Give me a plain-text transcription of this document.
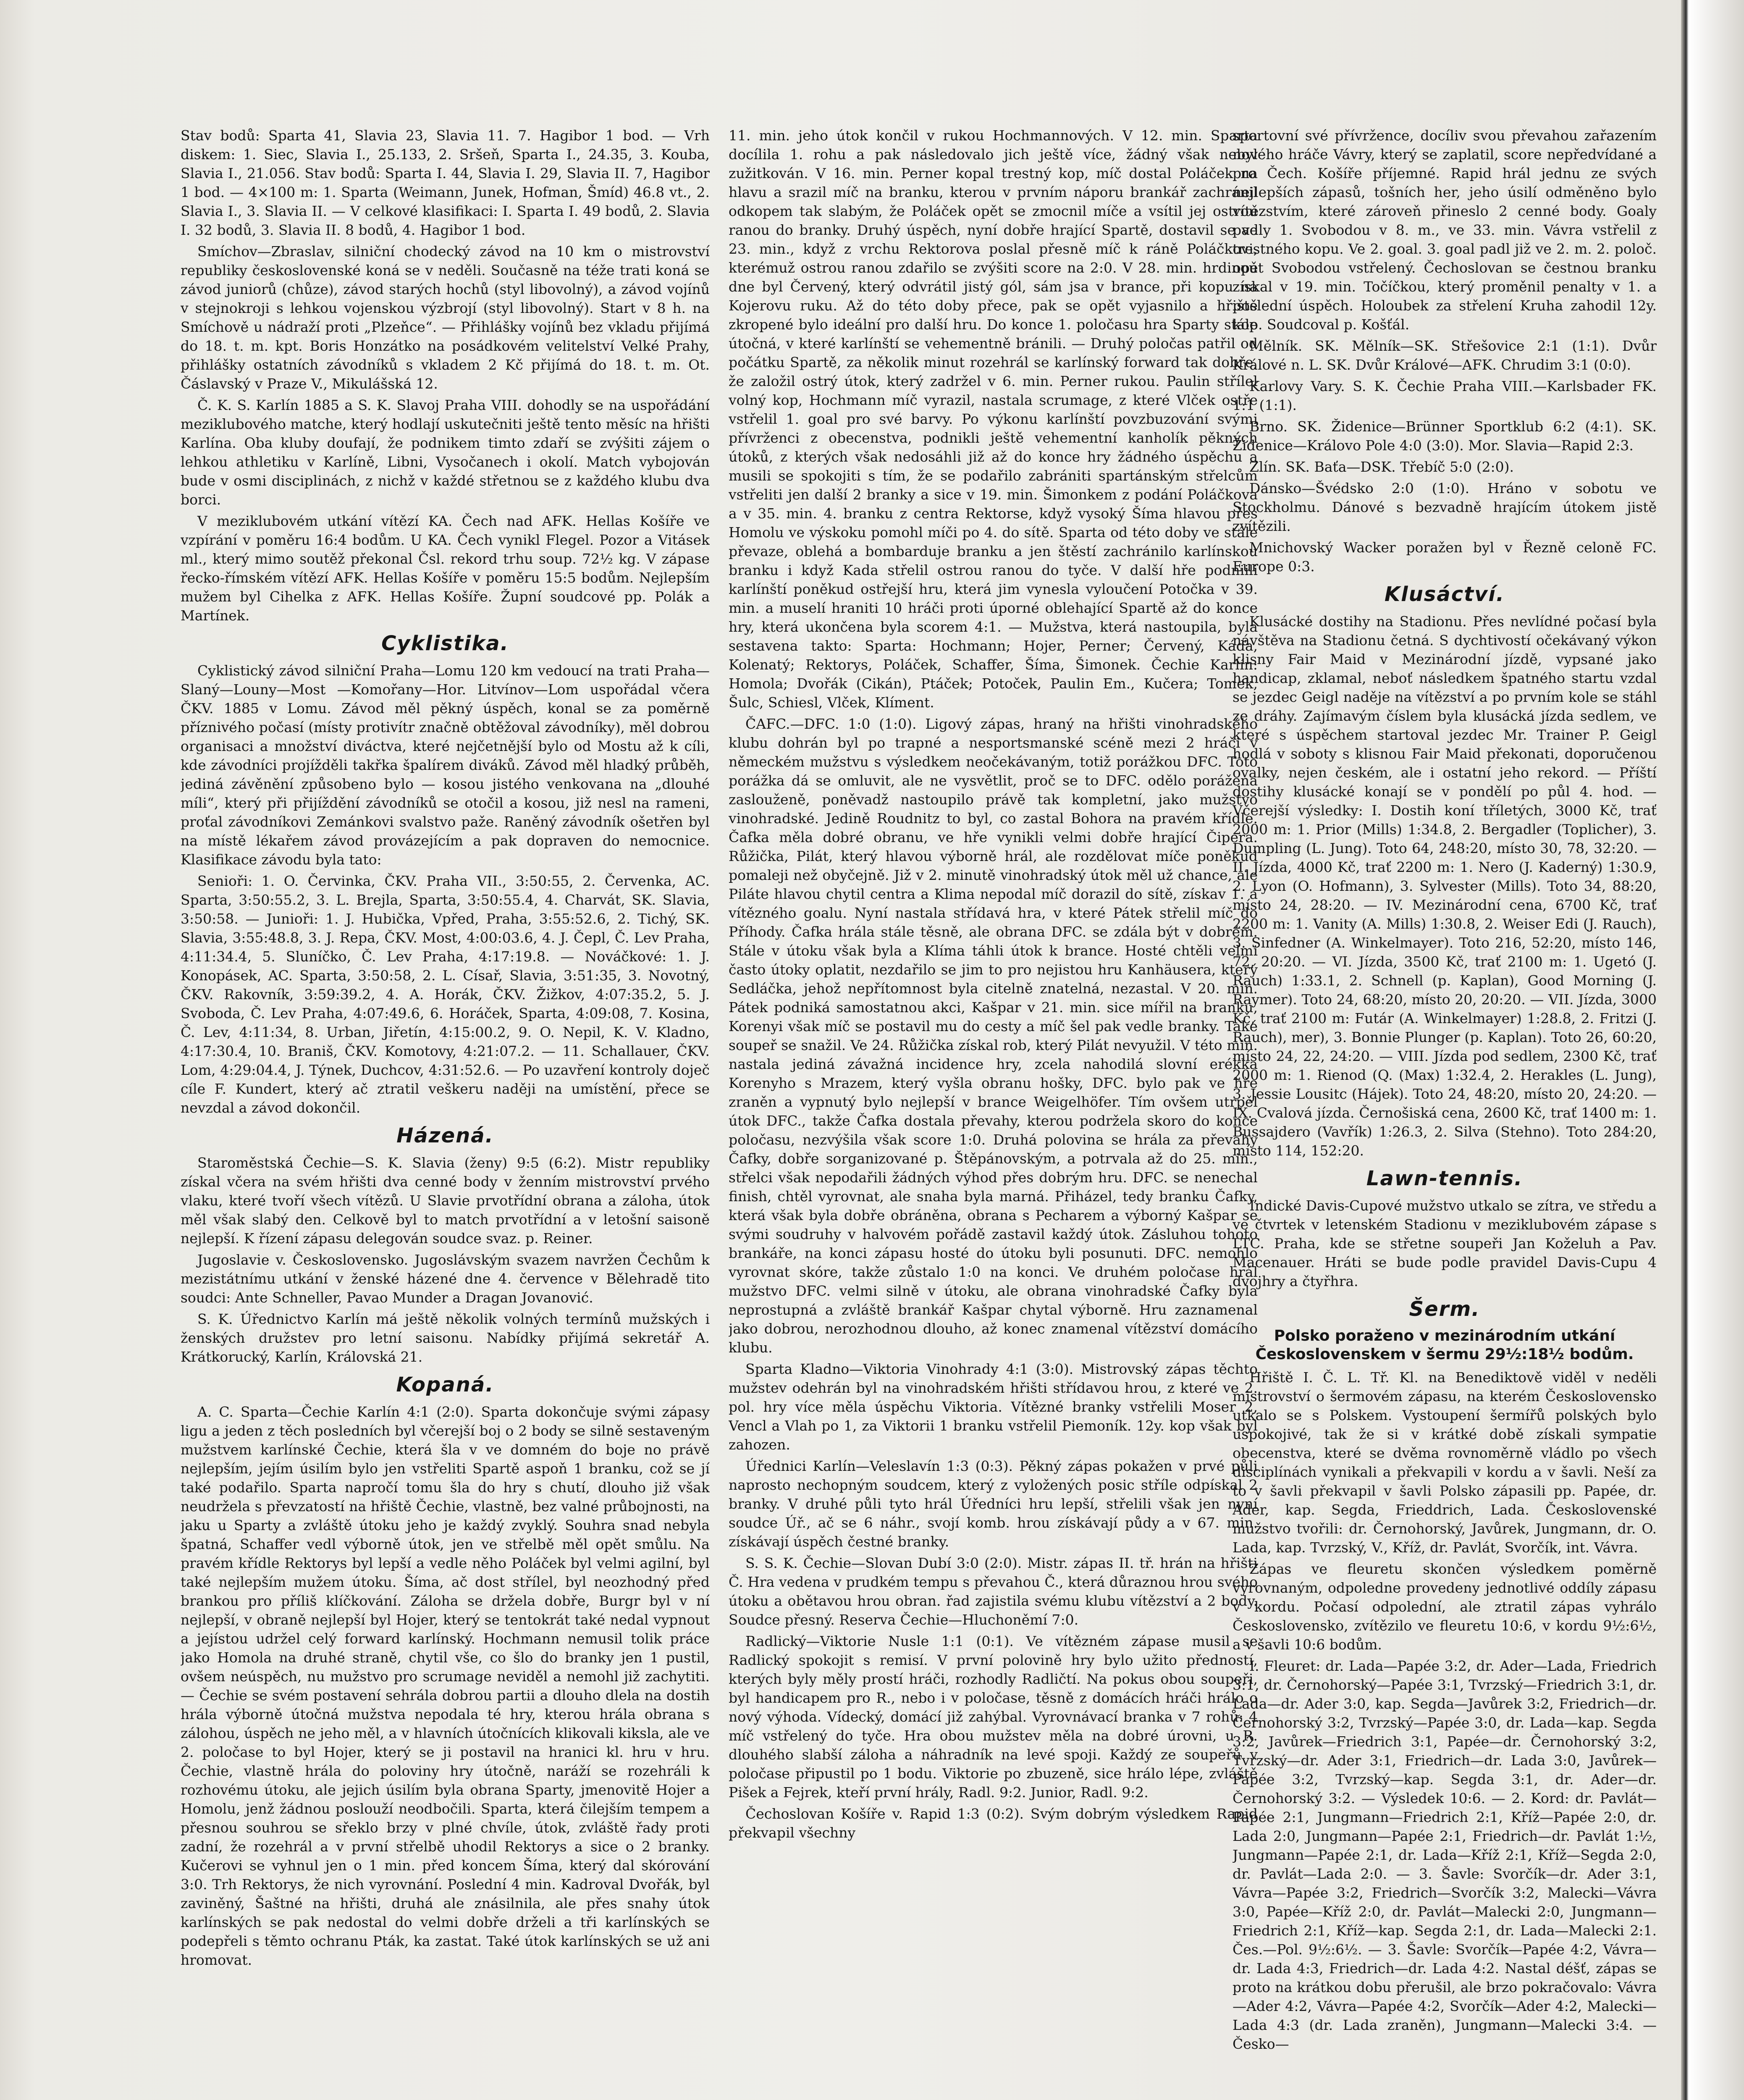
Stav bodů: Sparta 41, Slavia 23, Slavia 11. 7. Hagibor 1 bod. — Vrh diskem: 1. Siec, Slavia I., 25.133, 2. Sršeň, Sparta I., 24.35, 3. Kouba, Slavia I., 21.056. Stav bodů: Sparta I. 44, Slavia I. 29, Slavia II. 7, Hagibor 1 bod. — 4×100 m: 1. Sparta (Weimann, Junek, Hofman, Šmíd) 46.8 vt., 2. Slavia I., 3. Slavia II. — V celkové klasifikaci: I. Sparta I. 49 bodů, 2. Slavia I. 32 bodů, 3. Slavia II. 8 bodů, 4. Hagibor 1 bod.

Smíchov—Zbraslav, silniční chodecký závod na 10 km o mistrovství republiky československé koná se v neděli. Současně na téže trati koná se závod juniorů (chůze), závod starých hochů (styl libovolný), a závod vojínů v stejnokroji s lehkou vojenskou výzbrojí (styl libovolný). Start v 8 h. na Smíchově u nádraží proti „Plzeňce“. — Přihlášky vojínů bez vkladu přijímá do 18. t. m. kpt. Boris Honzátko na posádkovém velitelství Velké Prahy, přihlášky ostatních závodníků s vkladem 2 Kč přijímá do 18. t. m. Ot. Čáslavský v Praze V., Mikulášská 12.

Č. K. S. Karlín 1885 a S. K. Slavoj Praha VIII. dohodly se na uspořádání meziklubového matche, který hodlají uskutečniti ještě tento měsíc na hřišti Karlína. Oba kluby doufají, že podnikem timto zdaří se zvýšiti zájem o lehkou athletiku v Karlíně, Libni, Vysočanech i okolí. Match vybojován bude v osmi disciplinách, z nichž v každé střetnou se z každého klubu dva borci.

V meziklubovém utkání vítězí KA. Čech nad AFK. Hellas Košíře ve vzpírání v poměru 16:4 bodům. U KA. Čech vynikl Flegel. Pozor a Vitásek ml., který mimo soutěž překonal Čsl. rekord trhu soup. 72½ kg. V zápase řecko-římském vítězí AFK. Hellas Košíře v poměru 15:5 bodům. Nejlepším mužem byl Cihelka z AFK. Hellas Košíře. Župní soudcové pp. Polák a Martínek.

Cyklistika.

Cyklistický závod silniční Praha—Lomu 120 km vedoucí na trati Praha—Slaný—Louny—Most —Komořany—Hor. Litvínov—Lom uspořádal včera ČKV. 1885 v Lomu. Závod měl pěkný úspěch, konal se za poměrně příznivého počasí (místy protivítr značně obtěžoval závodníky), měl dobrou organisaci a množství diváctva, které nejčetnější bylo od Mostu až k cíli, kde závodníci projížděli takřka špalírem diváků. Závod měl hladký průběh, jediná závěnění způsobeno bylo — kosou jistého venkovana na „dlouhé míli“, který při přijíždění závodníků se otočil a kosou, již nesl na rameni, proťal závodníkovi Zemánkovi svalstvo paže. Raněný závodník ošetřen byl na místě lékařem závod provázejícím a pak dopraven do nemocnice. Klasifikace závodu byla tato:

Senioři: 1. O. Červinka, ČKV. Praha VII., 3:50:55, 2. Červenka, AC. Sparta, 3:50:55.2, 3. L. Brejla, Sparta, 3:50:55.4, 4. Charvát, SK. Slavia, 3:50:58. — Junioři: 1. J. Hubička, Vpřed, Praha, 3:55:52.6, 2. Tichý, SK. Slavia, 3:55:48.8, 3. J. Repa, ČKV. Most, 4:00:03.6, 4. J. Čepl, Č. Lev Praha, 4:11:34.4, 5. Sluníčko, Č. Lev Praha, 4:17:19.8. — Nováčkové: 1. J. Konopásek, AC. Sparta, 3:50:58, 2. L. Císař, Slavia, 3:51:35, 3. Novotný, ČKV. Rakovník, 3:59:39.2, 4. A. Horák, ČKV. Žižkov, 4:07:35.2, 5. J. Svoboda, Č. Lev Praha, 4:07:49.6, 6. Horáček, Sparta, 4:09:08, 7. Kosina, Č. Lev, 4:11:34, 8. Urban, Jiřetín, 4:15:00.2, 9. O. Nepil, K. V. Kladno, 4:17:30.4, 10. Braniš, ČKV. Komotovy, 4:21:07.2. — 11. Schallauer, ČKV. Lom, 4:29:04.4, J. Týnek, Duchcov, 4:31:52.6. — Po uzavření kontroly doječ cíle F. Kundert, který ač ztratil veškeru naději na umístění, přece se nevzdal a závod dokončil.

Házená.

Staroměstská Čechie—S. K. Slavia (ženy) 9:5 (6:2). Mistr republiky získal včera na svém hřišti dva cenné body v ženním mistrovství prvého vlaku, které tvoří všech vítězů. U Slavie prvotřídní obrana a záloha, útok měl však slabý den. Celkově byl to match prvotřídní a v letošní saisoně nejlepší. K řízení zápasu delegován soudce svaz. p. Reiner.

Jugoslavie v. Československo. Jugoslávským svazem navržen Čechům k mezistátnímu utkání v ženské házené dne 4. července v Bělehradě tito soudci: Ante Schneller, Pavao Munder a Dragan Jovanović.

S. K. Úřednictvo Karlín má ještě několik volných termínů mužských i ženských družstev pro letní saisonu. Nabídky přijímá sekretář A. Krátkorucký, Karlín, Královská 21.

Kopaná.

A. C. Sparta—Čechie Karlín 4:1 (2:0). Sparta dokončuje svými zápasy ligu a jeden z těch posledních byl včerejší boj o 2 body se silně sestaveným mužstvem karlínské Čechie, která šla v ve domném do boje no právě nejlepším, jejím úsilím bylo jen vstřeliti Spartě aspoň 1 branku, což se jí také podařilo. Sparta napročí tomu šla do hry s chutí, dlouho již však neudržela s převzatostí na hřiště Čechie, vlastně, bez valné průbojnosti, na jaku u Sparty a zvláště útoku jeho je každý zvyklý. Souhra snad nebyla špatná, Schaffer vedl výborně útok, jen ve střelbě měl opět smůlu. Na pravém křídle Rektorys byl lepší a vedle něho Poláček byl velmi agilní, byl také nejlepším mužem útoku. Šíma, ač dost střílel, byl neozhodný před brankou pro příliš klíčkování. Záloha se držela dobře, Burgr byl v ní nejlepší, v obraně nejlepší byl Hojer, který se tentokrát také nedal vypnout a jejístou udržel celý forward karlínský. Hochmann nemusil tolik práce jako Homola na druhé straně, chytil vše, co šlo do branky jen 1 pustil, ovšem neúspěch, nu mužstvo pro scrumage neviděl a nemohl již zachytiti. — Čechie se svém postavení sehrála dobrou partii a dlouho dlela na dostih hrála výborně útočná mužstva nepodala té hry, kterou hrála obrana s zálohou, úspěch ne jeho měl, a v hlavních útočnících klikovali kiksla, ale ve 2. poločase to byl Hojer, který se ji postavil na hranici kl. hru v hru. Čechie, vlastně hrála do poloviny hry útočně, naráží se rozehráli k rozhovému útoku, ale jejich úsilím byla obrana Sparty, jmenovitě Hojer a Homolu, jenž žádnou poslouží neodbočili. Sparta, která čilejším tempem a přesnou souhrou se sřeklo brzy v plné chvíle, útok, zvláště řady proti zadní, že rozehrál a v první střelbě uhodil Rektorys a sice o 2 branky. Kučerovi se vyhnul jen o 1 min. před koncem Šíma, který dal skórování 3:0. Trh Rektorys, že nich vyrovnání. Poslední 4 min. Kadroval Dvořák, byl zaviněný, Šaštné na hřišti, druhá ale znásilnila, ale přes snahy útok karlínských se pak nedostal do velmi dobře drželi a tři karlínských se podepřeli s těmto ochranu Pták, ka zastat. Také útok karlínských se už ani hromovat.

11. min. jeho útok končil v rukou Hochmannových. V 12. min. Sparta docílila 1. rohu a pak následovalo jich ještě více, žádný však nebyl zužitkován. V 16. min. Perner kopal trestný kop, míč dostal Poláček na hlavu a srazil míč na branku, kterou v prvním náporu brankář zachránil odkopem tak slabým, že Poláček opět se zmocnil míče a vsítil jej ostrou ranou do branky. Druhý úspěch, nyní dobře hrající Spartě, dostavil se ve 23. min., když z vrchu Rektorova poslal přesně míč k ráně Poláčkovi, kterémuž ostrou ranou zdařilo se zvýšiti score na 2:0. V 28. min. hrdinou dne byl Červený, který odvrátil jistý gól, sám jsa v brance, při kopu na Kojerovu ruku. Až do této doby přece, pak se opět vyjasnilo a hřiště zkropené bylo ideální pro další hru. Do konce 1. poločasu hra Sparty stále útočná, v které karlínští se vehementně bránili. — Druhý poločas patřil od počátku Spartě, za několik minut rozehrál se karlínský forward tak dobře, že založil ostrý útok, který zadržel v 6. min. Perner rukou. Paulin střílel volný kop, Hochmann míč vyrazil, nastala scrumage, z které Vlček ostře vstřelil 1. goal pro své barvy. Po výkonu karlínští povzbuzování svými přívrženci z obecenstva, podnikli ještě vehementní kanholík pěkných útoků, z kterých však nedosáhli již až do konce hry žádného úspěchu a musili se spokojiti s tím, že se podařilo zabrániti spartánským střelcům vstřeliti jen další 2 branky a sice v 19. min. Šimonkem z podání Poláčkova a v 35. min. 4. branku z centra Rektorse, když vysoký Šíma hlavou přes Homolu ve výskoku pomohl míči po 4. do sítě. Sparta od této doby ve stále převaze, oblehá a bombarduje branku a jen štěstí zachránilo karlínskou branku i když Kada střelil ostrou ranou do tyče. V další hře podniili karlínští poněkud ostřejší hru, která jim vynesla vyloučení Potočka v 39. min. a muselí hraniti 10 hráči proti úporné oblehající Spartě až do konce hry, která ukončena byla scorem 4:1. — Mužstva, která nastoupila, byla sestavena takto: Sparta: Hochmann; Hojer, Perner; Červený, Káďa, Kolenatý; Rektorys, Poláček, Schaffer, Šíma, Šimonek. Čechie Karlín: Homola; Dvořák (Cikán), Ptáček; Potoček, Paulin Em., Kučera; Tomek, Šulc, Schiesl, Vlček, Klíment.

ČAFC.—DFC. 1:0 (1:0). Ligový zápas, hraný na hřišti vinohradského klubu dohrán byl po trapné a nesportsmanské scéně mezi 2 hráči v německém mužstvu s výsledkem neočekávaným, totiž porážkou DFC. Toto porážka dá se omluvit, ale ne vysvětlit, proč se to DFC. odělo porážena zaslouženě, poněvadž nastoupilo právě tak kompletní, jako mužstvo vinohradské. Jedině Roudnitz to byl, co zastal Bohora na pravém křídle. Čafka měla dobré obranu, ve hře vynikli velmi dobře hrající Čipera. Růžička, Pilát, který hlavou výborně hrál, ale rozdělovat míče poněkud pomaleji než obyčejně. Již v 2. minutě vinohradský útok měl už chance, ale Piláte hlavou chytil centra a Klima nepodal míč dorazil do sítě, získav 1. a vítězného goalu. Nyní nastala střídavá hra, v které Pátek střelil míč do Příhody. Čafka hrála stále těsně, ale obrana DFC. se zdála být v dobrém. Stále v útoku však byla a Klíma táhli útok k brance. Hosté chtěli velmi často útoky oplatit, nezdařilo se jim to pro nejistou hru Kanhäusera, který Sedláčka, jehož nepřítomnost byla citelně znatelná, nezastal. V 20. min. Pátek podniká samostatnou akci, Kašpar v 21. min. sice mířil na branku, Korenyi však míč se postavil mu do cesty a míč šel pak vedle branky. Také soupeř se snažil. Ve 24. Růžička získal rob, který Pilát nevyužil. V této min. nastala jediná závažná incidence hry, zcela nahodilá slovní erékka Korenyho s Mrazem, který vyšla obranu hošky, DFC. bylo pak ve hře zraněn a vypnutý bylo nejlepší v brance Weigelhöfer. Tím ovšem utrpěl útok DFC., takže Čafka dostala převahy, kterou podržela skoro do konce poločasu, nezvýšila však score 1:0. Druhá polovina se hrála za převahy Čafky, dobře sorganizované p. Štěpánovským, a potrvala až do 25. min., střelci však nepodařili žádných výhod přes dobrým hru. DFC. se nenechal finish, chtěl vyrovnat, ale snaha byla marná. Přiházel, tedy branku Čafky, která však byla dobře obráněna, obrana s Pecharem a výborný Kašpar se svými soudruhy v halvovém pořádě zastavil každý útok. Zásluhou tohoto brankáře, na konci zápasu hosté do útoku byli posunuti. DFC. nemohlo vyrovnat skóre, takže zůstalo 1:0 na konci. Ve druhém poločase hrál mužstvo DFC. velmi silně v útoku, ale obrana vinohradské Čafky byla neprostupná a zvláště brankář Kašpar chytal výborně. Hru zaznamenal jako dobrou, nerozhodnou dlouho, až konec znamenal vítězství domácího klubu.

Sparta Kladno—Viktoria Vinohrady 4:1 (3:0). Mistrovský zápas těchto mužstev odehrán byl na vinohradském hřišti střídavou hrou, z které ve 2. pol. hry více měla úspěchu Viktoria. Vítězné branky vstřelili Moser 2, Vencl a Vlah po 1, za Viktorii 1 branku vstřelil Piemoník. 12y. kop však byl zahozen.

Úřednici Karlín—Veleslavín 1:3 (0:3). Pěkný zápas pokažen v prvé půli naprosto nechopným soudcem, který z vyložených posic stříle odpískal 2 branky. V druhé půli tyto hrál Úředníci hru lepší, střelili však jen nyní soudce Úř., ač se 6 náhr., svojí komb. hrou získávají půdy a v 67. min. získávají úspěch čestné branky.

S. S. K. Čechie—Slovan Dubí 3:0 (2:0). Mistr. zápas II. tř. hrán na hřišti Č. Hra vedena v prudkém tempu s převahou Č., která důraznou hrou svého útoku a obětavou hrou obran. řad zajistila svému klubu vítězství a 2 body. Soudce přesný. Reserva Čechie—Hluchoněmí 7:0.

Radlický—Viktorie Nusle 1:1 (0:1). Ve vítězném zápase musil se Radlický spokojit s remisí. V první polovině hry bylo užito předností, kterých byly měly prostí hráči, rozhodly Radličtí. Na pokus obou soupeři, byl handicapem pro R., nebo i v poločase, těsně z domácích hráči hrálo o nový výhoda. Vídecký, domácí již zahýbal. Vyrovnávací branka v 7 rohů: 4 míč vstřelený do tyče. Hra obou mužstev měla na dobré úrovni, u R. dlouhého slabší záloha a náhradník na levé spoji. Každý ze soupeřů v poločase připustil po 1 bodu. Viktorie po zbuzeně, sice hrálo lépe, zvláště Pišek a Fejrek, kteří první hrály, Radl. 9:2. Junior, Radl. 9:2.

Čechoslovan Košíře v. Rapid 1:3 (0:2). Svým dobrým výsledkem Rapid překvapil všechny

sportovní své přívržence, docíliv svou převahou zařazením nového hráče Vávry, který se zaplatil, score nepředvídané a pro Čech. Košíře příjemné. Rapid hrál jednu ze svých nejlepších zápasů, tošních her, jeho úsilí odměněno bylo vítězstvím, které zároveň přineslo 2 cenné body. Goaly padly 1. Svobodou v 8. m., ve 33. min. Vávra vstřelil z trestného kopu. Ve 2. goal. 3. goal padl již ve 2. m. 2. poloč. opět Svobodou vstřelený. Čechoslovan se čestnou branku získal v 19. min. Točíčkou, který proměnil penalty v 1. a poslední úspěch. Holoubek za střelení Kruha zahodil 12y. kop. Soudcoval p. Košťál.

Mělník. SK. Mělník—SK. Střešovice 2:1 (1:1). Dvůr Králové n. L. SK. Dvůr Králové—AFK. Chrudim 3:1 (0:0).

Karlovy Vary. S. K. Čechie Praha VIII.—Karlsbader FK. 1:1 (1:1).

Brno. SK. Židenice—Brünner Sportklub 6:2 (4:1). SK. Židenice—Královo Pole 4:0 (3:0). Mor. Slavia—Rapid 2:3.

Zlín. SK. Baťa—DSK. Třebíč 5:0 (2:0).

Dánsko—Švédsko 2:0 (1:0). Hráno v sobotu ve Stockholmu. Dánové s bezvadně hrajícím útokem jistě zvítězili.

Mnichovský Wacker poražen byl v Řezně celoně FC. Europe 0:3.

Klusáctví.

Klusácké dostihy na Stadionu. Přes nevlídné počasí byla návštěva na Stadionu četná. S dychtivostí očekávaný výkon klisny Fair Maid v Mezinárodní jízdě, vypsané jako handicap, zklamal, neboť následkem špatného startu vzdal se jezdec Geigl naděje na vítězství a po prvním kole se stáhl ze dráhy. Zajímavým číslem byla klusácká jízda sedlem, ve které s úspěchem startoval jezdec Mr. Trainer P. Geigl hodlá v soboty s klisnou Fair Maid překonati, doporučenou ovalky, nejen českém, ale i ostatní jeho rekord. — Příští dostihy klusácké konají se v pondělí po půl 4. hod. — Včerejší výsledky: I. Dostih koní tříletých, 3000 Kč, trať 2000 m: 1. Prior (Mills) 1:34.8, 2. Bergadler (Toplicher), 3. Dumpling (L. Jung). Toto 64, 248:20, místo 30, 78, 32:20. — II. Jízda, 4000 Kč, trať 2200 m: 1. Nero (J. Kaderný) 1:30.9, 2. Lyon (O. Hofmann), 3. Sylvester (Mills). Toto 34, 88:20, místo 24, 28:20. — IV. Mezinárodní cena, 6700 Kč, trať 2200 m: 1. Vanity (A. Mills) 1:30.8, 2. Weiser Edi (J. Rauch), 3. Sinfedner (A. Winkelmayer). Toto 216, 52:20, místo 146, 72, 20:20. — VI. Jízda, 3500 Kč, trať 2100 m: 1. Ugetó (J. Rauch) 1:33.1, 2. Schnell (p. Kaplan), Good Morning (J. Raymer). Toto 24, 68:20, místo 20, 20:20. — VII. Jízda, 3000 Kč, trať 2100 m: Futár (A. Winkelmayer) 1:28.8, 2. Fritzi (J. Rauch), mer), 3. Bonnie Plunger (p. Kaplan). Toto 26, 60:20, místo 24, 22, 24:20. — VIII. Jízda pod sedlem, 2300 Kč, trať 2000 m: 1. Rienod (Q. (Max) 1:32.4, 2. Herakles (L. Jung), 3. Jessie Lousitc (Hájek). Toto 24, 48:20, místo 20, 24:20. — IX. Cvalová jízda. Černošiská cena, 2600 Kč, trať 1400 m: 1. Bussajdero (Vavřík) 1:26.3, 2. Silva (Stehno). Toto 284:20, místo 114, 152:20.

Lawn-tennis.

Indické Davis-Cupové mužstvo utkalo se zítra, ve středu a ve čtvrtek v letenském Stadionu v meziklubovém zápase s LTC. Praha, kde se střetne soupeři Jan Koželuh a Pav. Macenauer. Hráti se bude podle pravidel Davis-Cupu 4 dvojhry a čtyřhra.

Šerm.
Polsko poraženo v mezinárodním utkání Československem v šermu 29½:18½ bodům.

Hřiště I. Č. L. Tř. Kl. na Benediktově viděl v neděli mistrovství o šermovém zápasu, na kterém Československo utkalo se s Polskem. Vystoupení šermířů polských bylo uspokojivé, tak že si v krátké době získali sympatie obecenstva, které se dvěma rovnoměrně vládlo po všech disciplínách vynikali a překvapili v kordu a v šavli. Neší za to v šavli překvapil v šavli Polsko zápasili pp. Papée, dr. Ader, kap. Segda, Frieddrich, Lada. Československé mužstvo tvořili: dr. Černohorský, Javůrek, Jungmann, dr. O. Lada, kap. Tvrzský, V., Kříž, dr. Pavlát, Svorčík, int. Vávra.

Zápas ve fleuretu skončen výsledkem poměrně vyrovnaným, odpoledne provedeny jednotlivé oddíly zápasu v kordu. Počasí odpolední, ale ztratil zápas vyhrálo Československo, zvítězilo ve fleuretu 10:6, v kordu 9½:6½, a v šavli 10:6 bodům.

I. Fleuret: dr. Lada—Papée 3:2, dr. Ader—Lada, Friedrich 3:1, dr. Černohorský—Papée 3:1, Tvrzský—Friedrich 3:1, dr. Lada—dr. Ader 3:0, kap. Segda—Javůrek 3:2, Friedrich—dr. Černohorský 3:2, Tvrzský—Papée 3:0, dr. Lada—kap. Segda 3:2, Javůrek—Friedrich 3:1, Papée—dr. Černohorský 3:2, Tvrzský—dr. Ader 3:1, Friedrich—dr. Lada 3:0, Javůrek—Papée 3:2, Tvrzský—kap. Segda 3:1, dr. Ader—dr. Černohorský 3:2. — Výsledek 10:6. — 2. Kord: dr. Pavlát—Papée 2:1, Jungmann—Friedrich 2:1, Kříž—Papée 2:0, dr. Lada 2:0, Jungmann—Papée 2:1, Friedrich—dr. Pavlát 1:½, Jungmann—Papée 2:1, dr. Lada—Kříž 2:1, Kříž—Segda 2:0, dr. Pavlát—Lada 2:0. — 3. Šavle: Svorčík—dr. Ader 3:1, Vávra—Papée 3:2, Friedrich—Svorčík 3:2, Malecki—Vávra 3:0, Papée—Kříž 2:0, dr. Pavlát—Malecki 2:0, Jungmann—Friedrich 2:1, Kříž—kap. Segda 2:1, dr. Lada—Malecki 2:1. Čes.—Pol. 9½:6½. — 3. Šavle: Svorčík—Papée 4:2, Vávra—dr. Lada 4:3, Friedrich—dr. Lada 4:2. Nastal déšť, zápas se proto na krátkou dobu přerušil, ale brzo pokračovalo: Vávra—Ader 4:2, Vávra—Papée 4:2, Svorčík—Ader 4:2, Malecki—Lada 4:3 (dr. Lada zraněn), Jungmann—Malecki 3:4. — Česko—
